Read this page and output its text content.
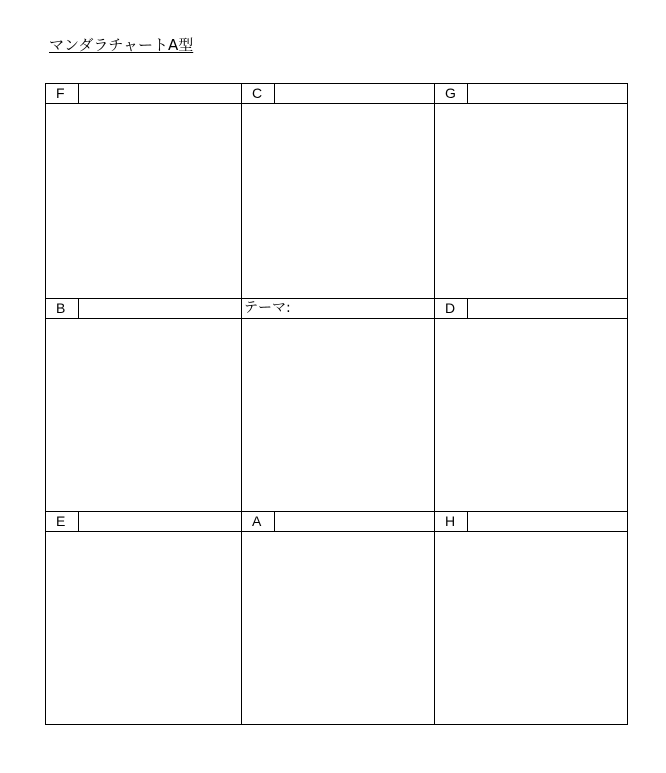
マンダラチャートA型
F	C	G
B	テーマ:	D
E	A	H
